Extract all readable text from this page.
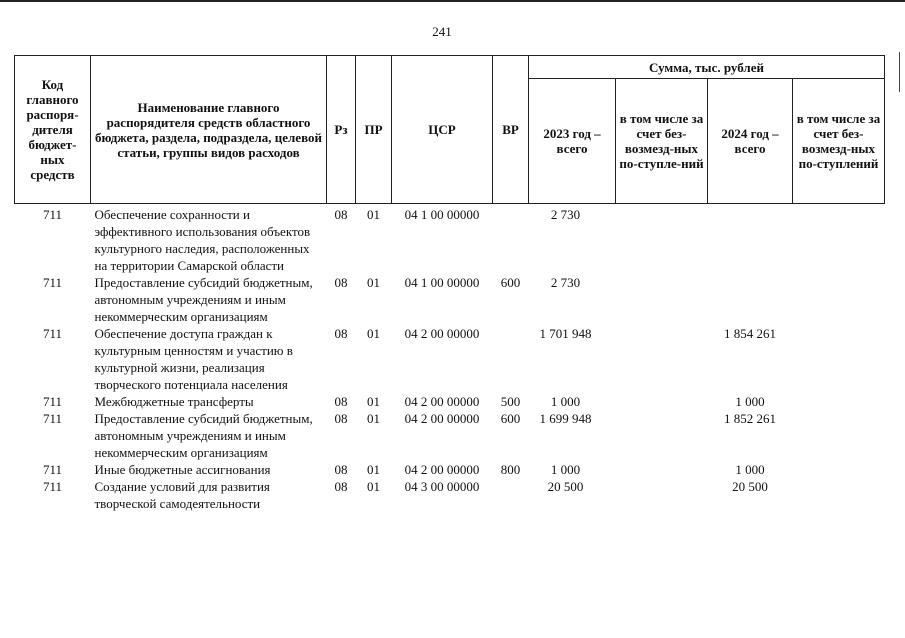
241
Код главного распоря-дителя бюджет-ных средств	Наименование главного распорядителя средств областного бюджета, раздела, подраздела, целевой статьи, группы видов расходов	Рз	ПР	ЦСР	ВР	Сумма, тыс. рублей			
						2023 год – всего	в том числе за счет без-возмезд-ных по-ступле-ний	2024 год – всего	в том числе за счет без-возмезд-ных по-ступлений
711	Обеспечение сохранности и эффективного использования объектов культурного наследия, расположенных на территории Самарской области	08	01	04 1 00 00000		2 730			
711	Предоставление субсидий бюджетным, автономным учреждениям и иным некоммерческим организациям	08	01	04 1 00 00000	600	2 730			
711	Обеспечение доступа граждан к культурным ценностям и участию в культурной жизни, реализация творческого потенциала населения	08	01	04 2 00 00000		1 701 948		1 854 261	
711	Межбюджетные трансферты	08	01	04 2 00 00000	500	1 000		1 000	
711	Предоставление субсидий бюджетным, автономным учреждениям и иным некоммерческим организациям	08	01	04 2 00 00000	600	1 699 948		1 852 261	
711	Иные бюджетные ассигнования	08	01	04 2 00 00000	800	1 000		1 000	
711	Создание условий для развития творческой самодеятельности	08	01	04 3 00 00000		20 500		20 500	
